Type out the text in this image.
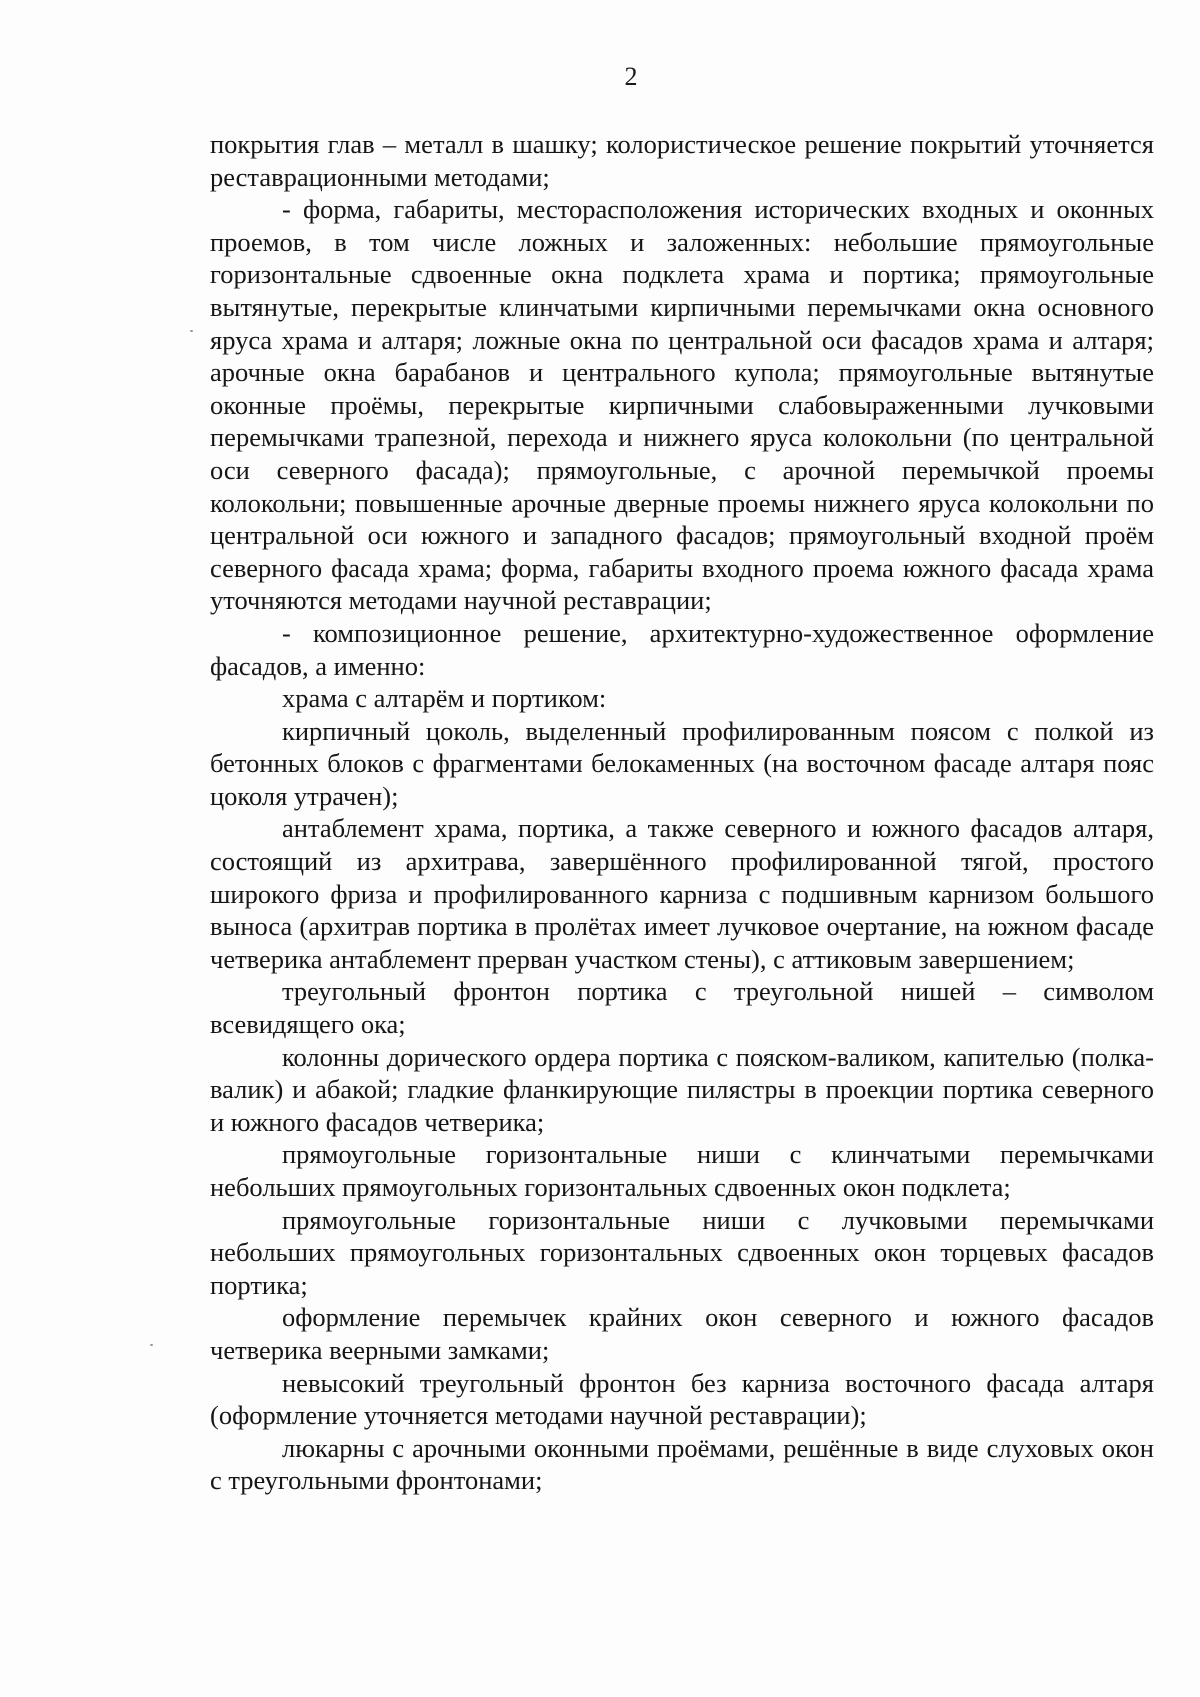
2

покрытия глав – металл в шашку; колористическое решение покрытий уточняется реставрационными методами;

- форма, габариты, месторасположения исторических входных и оконных проемов, в том числе ложных и заложенных: небольшие прямоугольные горизонтальные сдвоенные окна подклета храма и портика; прямоугольные вытянутые, перекрытые клинчатыми кирпичными перемычками окна основного яруса храма и алтаря; ложные окна по центральной оси фасадов храма и алтаря; арочные окна барабанов и центрального купола; прямоугольные вытянутые оконные проёмы, перекрытые кирпичными слабовыраженными лучковыми перемычками трапезной, перехода и нижнего яруса колокольни (по центральной оси северного фасада); прямоугольные, с арочной перемычкой проемы колокольни; повышенные арочные дверные проемы нижнего яруса колокольни по центральной оси южного и западного фасадов; прямоугольный входной проём северного фасада храма; форма, габариты входного проема южного фасада храма уточняются методами научной реставрации;

- композиционное решение, архитектурно-художественное оформление фасадов, а именно:

храма с алтарём и портиком:

кирпичный цоколь, выделенный профилированным поясом с полкой из бетонных блоков с фрагментами белокаменных (на восточном фасаде алтаря пояс цоколя утрачен);

антаблемент храма, портика, а также северного и южного фасадов алтаря, состоящий из архитрава, завершённого профилированной тягой, простого широкого фриза и профилированного карниза с подшивным карнизом большого выноса (архитрав портика в пролётах имеет лучковое очертание, на южном фасаде четверика антаблемент прерван участком стены), с аттиковым завершением;

треугольный фронтон портика с треугольной нишей – символом всевидящего ока;

колонны дорического ордера портика с пояском-валиком, капителью (полка-валик) и абакой; гладкие фланкирующие пилястры в проекции портика северного и южного фасадов четверика;

прямоугольные горизонтальные ниши с клинчатыми перемычками небольших прямоугольных горизонтальных сдвоенных окон подклета;

прямоугольные горизонтальные ниши с лучковыми перемычками небольших прямоугольных горизонтальных сдвоенных окон торцевых фасадов портика;

оформление перемычек крайних окон северного и южного фасадов четверика веерными замками;

невысокий треугольный фронтон без карниза восточного фасада алтаря (оформление уточняется методами научной реставрации);

люкарны с арочными оконными проёмами, решённые в виде слуховых окон с треугольными фронтонами;
